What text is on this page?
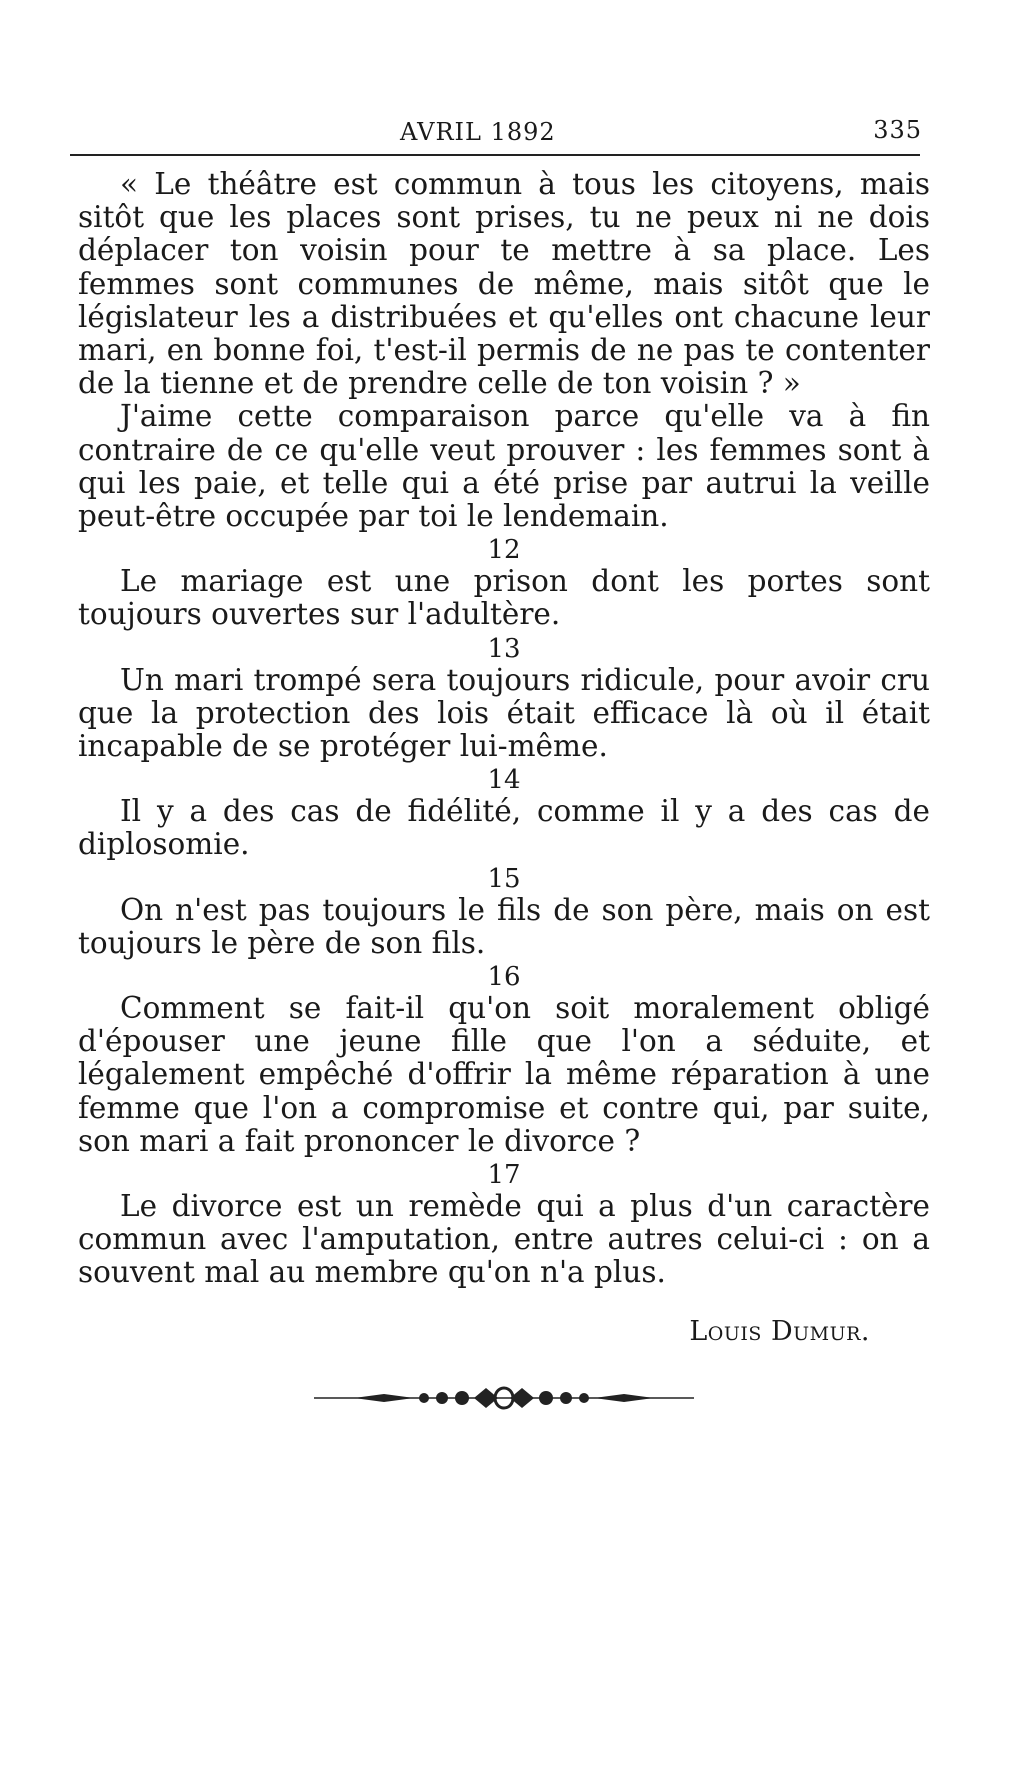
AVRIL 1892	335

« Le théâtre est commun à tous les citoyens, mais sitôt que les places sont prises, tu ne peux ni ne dois déplacer ton voisin pour te mettre à sa place. Les femmes sont communes de même, mais sitôt que le législateur les a distribuées et qu'elles ont chacune leur mari, en bonne foi, t'est-il permis de ne pas te contenter de la tienne et de prendre celle de ton voisin ? »

J'aime cette comparaison parce qu'elle va à fin contraire de ce qu'elle veut prouver : les femmes sont à qui les paie, et telle qui a été prise par autrui la veille peut-être occupée par toi le lendemain.

12

Le mariage est une prison dont les portes sont toujours ouvertes sur l'adultère.

13

Un mari trompé sera toujours ridicule, pour avoir cru que la protection des lois était efficace là où il était incapable de se protéger lui-même.

14

Il y a des cas de fidélité, comme il y a des cas de diplosomie.

15

On n'est pas toujours le fils de son père, mais on est toujours le père de son fils.

16

Comment se fait-il qu'on soit moralement obligé d'épouser une jeune fille que l'on a séduite, et légalement empêché d'offrir la même réparation à une femme que l'on a compromise et contre qui, par suite, son mari a fait prononcer le divorce ?

17

Le divorce est un remède qui a plus d'un caractère commun avec l'amputation, entre autres celui-ci : on a souvent mal au membre qu'on n'a plus.

Louis Dumur.
